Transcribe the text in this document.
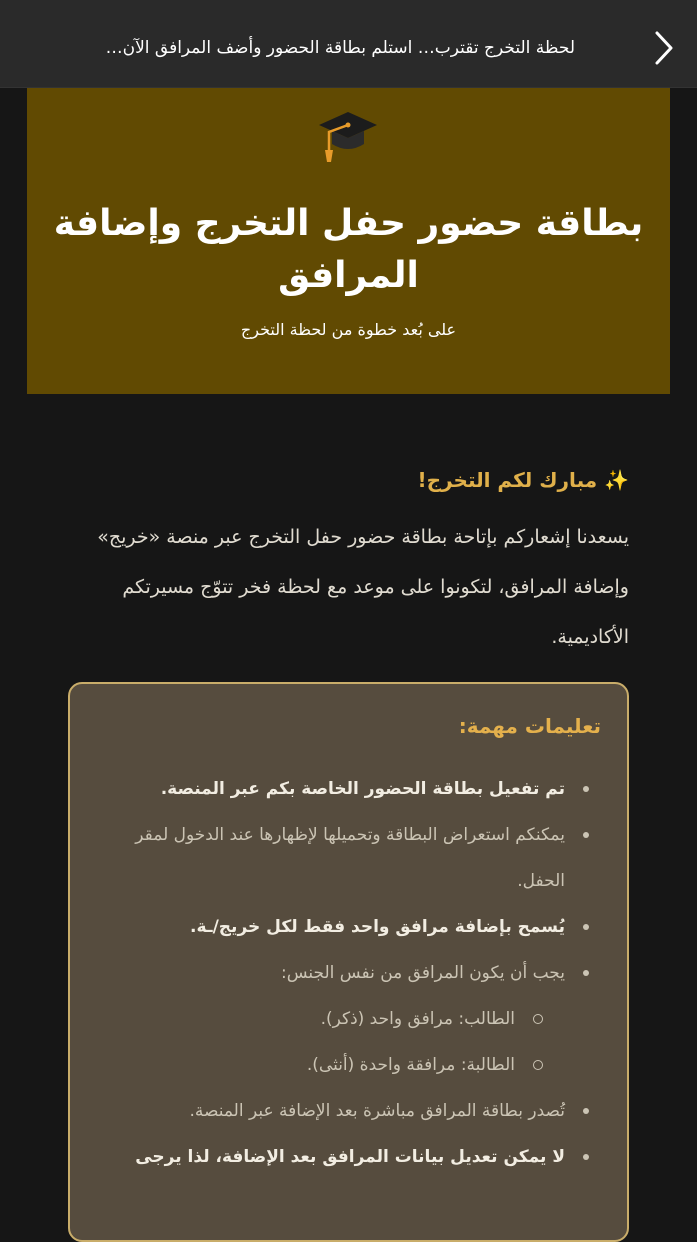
لحظة التخرج تقترب… استلم بطاقة الحضور وأضف المرافق الآن…
بطاقة حضور حفل التخرج وإضافة المرافق
على بُعد خطوة من لحظة التخرج
✨ مبارك لكم التخرج!

يسعدنا إشعاركم بإتاحة بطاقة حضور حفل التخرج عبر منصة «خريج» وإضافة المرافق، لتكونوا على موعد مع لحظة فخر تتوّج مسيرتكم الأكاديمية.

تعليمات مهمة:
تم تفعيل بطاقة الحضور الخاصة بكم عبر المنصة.
يمكنكم استعراض البطاقة وتحميلها لإظهارها عند الدخول لمقر الحفل.
يُسمح بإضافة مرافق واحد فقط لكل خريج/ـة.
يجب أن يكون المرافق من نفس الجنس:
الطالب: مرافق واحد (ذكر).
الطالبة: مرافقة واحدة (أنثى).
تُصدر بطاقة المرافق مباشرة بعد الإضافة عبر المنصة.
لا يمكن تعديل بيانات المرافق بعد الإضافة، لذا يرجى
